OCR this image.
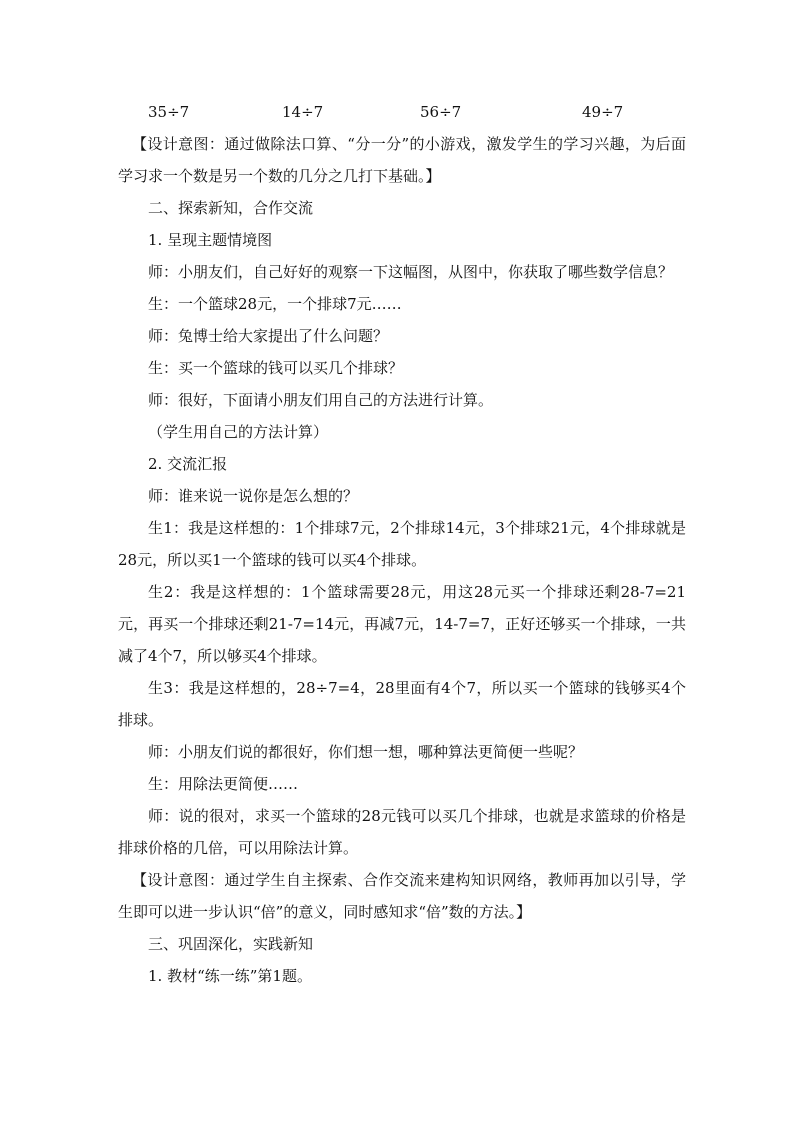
35÷7	14÷7	56÷7	49÷7

【设计意图：通过做除法口算、“分一分”的小游戏，激发学生的学习兴趣，为后面学习求一个数是另一个数的几分之几打下基础。】

二、探索新知，合作交流

1. 呈现主题情境图

师：小朋友们，自己好好的观察一下这幅图，从图中，你获取了哪些数学信息？

生：一个篮球28元，一个排球7元……

师：兔博士给大家提出了什么问题？

生：买一个篮球的钱可以买几个排球？

师：很好，下面请小朋友们用自己的方法进行计算。

（学生用自己的方法计算）

2. 交流汇报

师：谁来说一说你是怎么想的？

生1：我是这样想的：1个排球7元，2个排球14元，3个排球21元，4个排球就是28元，所以买1一个篮球的钱可以买4个排球。

生2：我是这样想的：1个篮球需要28元，用这28元买一个排球还剩28-7=21元，再买一个排球还剩21-7=14元，再减7元，14-7=7，正好还够买一个排球，一共减了4个7，所以够买4个排球。

生3：我是这样想的，28÷7=4，28里面有4个7，所以买一个篮球的钱够买4个排球。

师：小朋友们说的都很好，你们想一想，哪种算法更简便一些呢？

生：用除法更简便……

师：说的很对，求买一个篮球的28元钱可以买几个排球，也就是求篮球的价格是排球价格的几倍，可以用除法计算。

【设计意图：通过学生自主探索、合作交流来建构知识网络，教师再加以引导，学生即可以进一步认识“倍”的意义，同时感知求“倍”数的方法。】

三、巩固深化，实践新知

1. 教材“练一练”第1题。
